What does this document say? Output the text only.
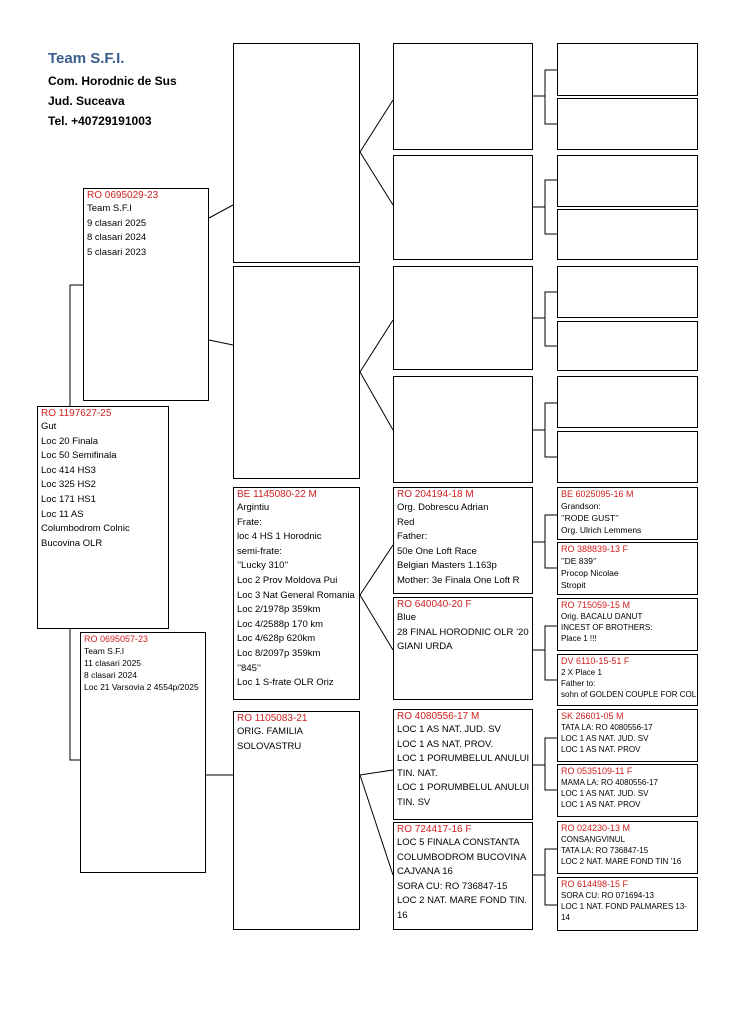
Team S.F.I.
Com. Horodnic de Sus
Jud. Suceava
Tel. +40729191003
RO 1197627-25
Gut
Loc 20 Finala
Loc 50 Semifinala
Loc 414 HS3
Loc 325 HS2
Loc 171 HS1
Loc 11 AS
Columbodrom Colnic
Bucovina OLR
RO 0695029-23
Team S.F.I
9 clasari 2025
8 clasari 2024
5 clasari 2023
RO 0695057-23
Team S.F.I
11 clasari 2025
8 clasari 2024
Loc 21 Varsovia 2 4554p/2025
BE 1145080-22 M
Argintiu
Frate:
loc 4 HS 1 Horodnic
semi-frate:
’’Lucky 310’’
Loc 2 Prov Moldova Pui
Loc 3 Nat General Romania
Loc 2/1978p 359km
Loc 4/2588p 170 km
Loc 4/628p 620km
Loc 8/2097p 359km
’’845’’
Loc 1 S-frate OLR Oriz
RO 1105083-21
ORIG. FAMILIA
SOLOVASTRU
RO 204194-18 M
Org. Dobrescu Adrian
Red
Father:
50e One Loft Race
Belgian Masters 1.163p
Mother: 3e Finala One Loft R
RO 640040-20 F
Blue
28 FINAL HORODNIC OLR ’20
GIANI URDA
RO 4080556-17 M
LOC 1 AS NAT. JUD. SV
LOC 1 AS NAT. PROV.
LOC 1 PORUMBELUL ANULUI
TIN. NAT.
LOC 1 PORUMBELUL ANULUI
TIN. SV
RO 724417-16 F
LOC 5 FINALA CONSTANTA
COLUMBODROM BUCOVINA
CAJVANA 16
SORA CU: RO 736847-15
LOC 2 NAT. MARE FOND TIN.
16
BE 6025095-16 M
Grandson:
’’RODE GUST’’
Org. Ulrich Lemmens
RO 388839-13 F
’’DE 839’’
Procop Nicolae
Stropit
RO 715059-15 M
Orig. BACALU DANUT
INCEST OF BROTHERS:
Place 1 !!!
DV 6110-15-51 F
2 X Place 1
Father to:
sohn of GOLDEN COUPLE FOR COL
SK 26601-05 M
TATA LA: RO 4080556-17
LOC 1 AS NAT. JUD. SV
LOC 1 AS NAT. PROV
RO 0535109-11 F
MAMA LA: RO 4080556-17
LOC 1 AS NAT. JUD. SV
LOC 1 AS NAT. PROV
RO 024230-13 M
CONSANGVINUL
TATA LA: RO 736847-15
LOC 2 NAT. MARE FOND TIN ’16
RO 614498-15 F
SORA CU: RO 071694-13
LOC 1 NAT. FOND PALMARES 13-
14
